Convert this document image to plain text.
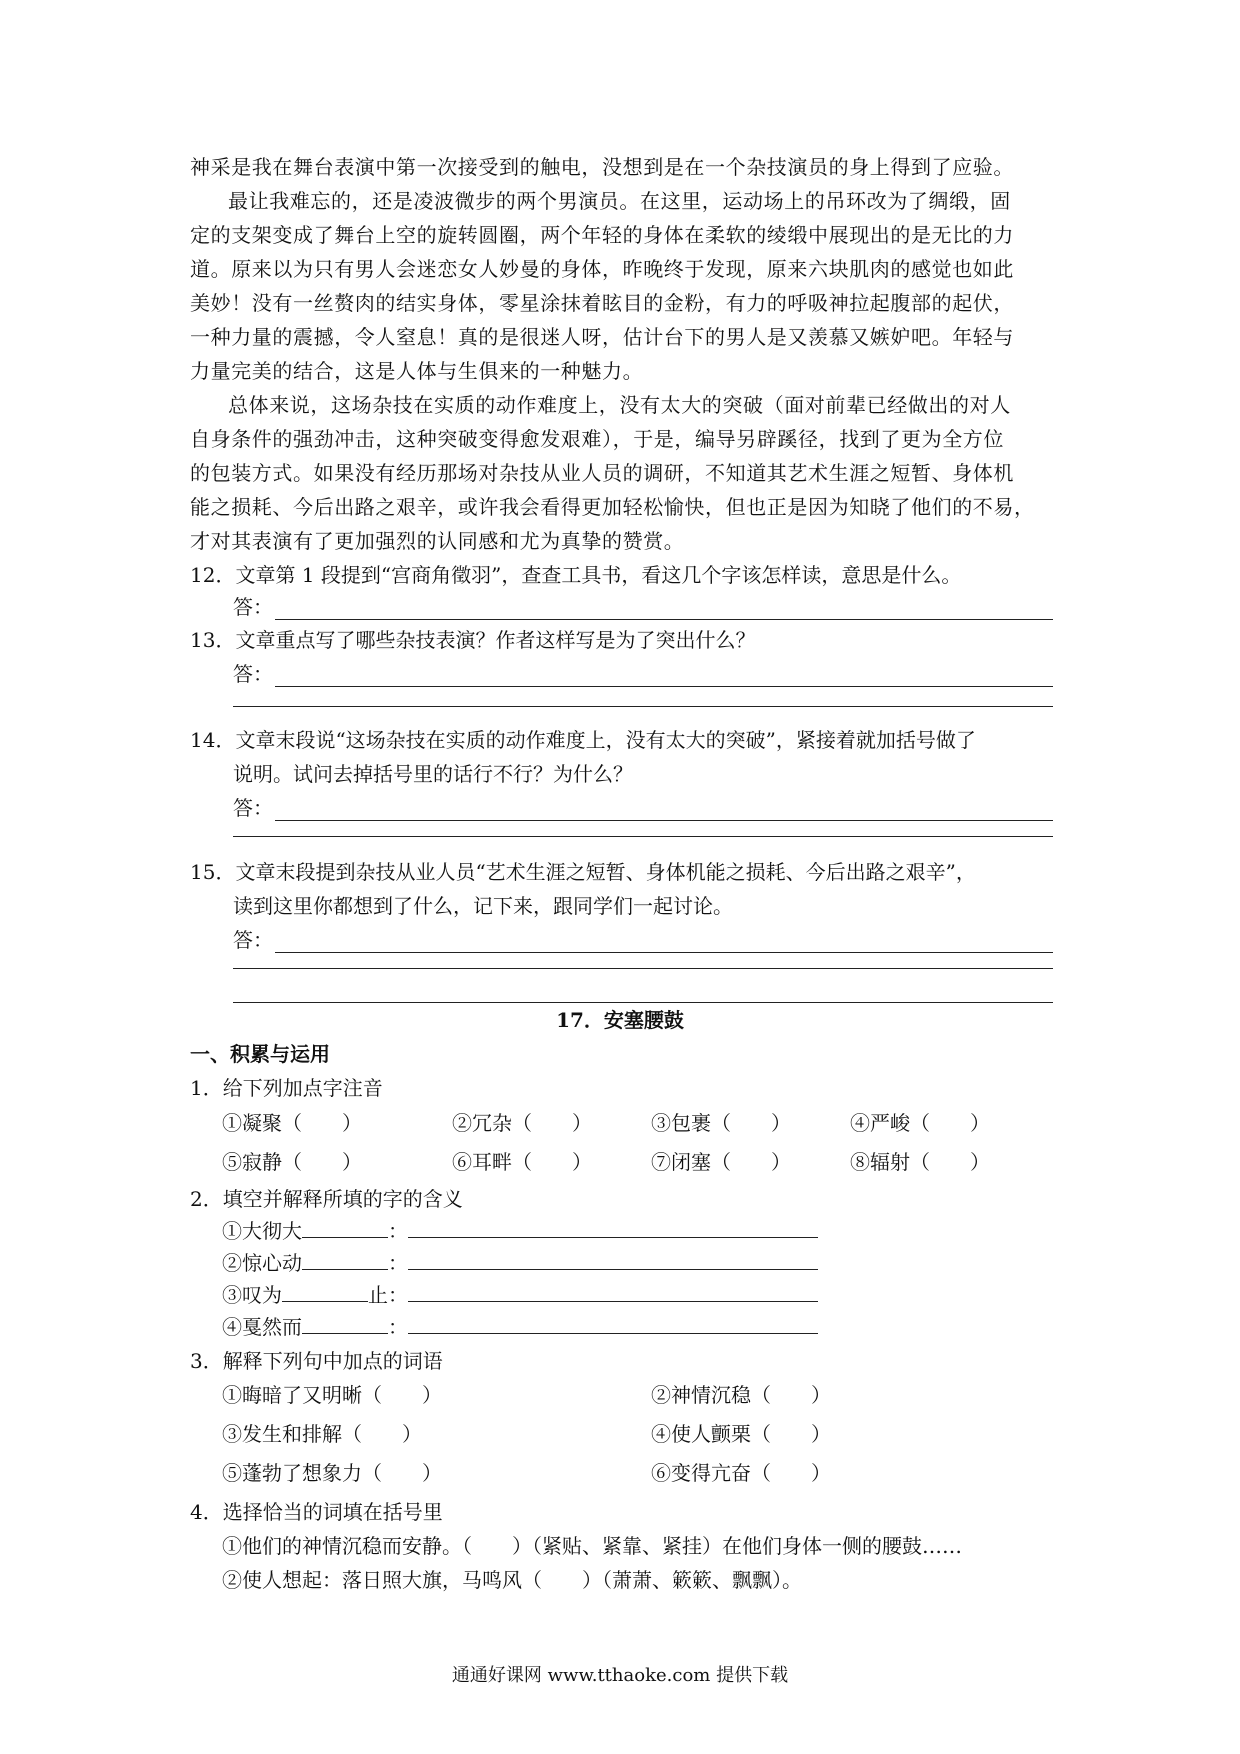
神采是我在舞台表演中第一次接受到的触电，没想到是在一个杂技演员的身上得到了应验。
最让我难忘的，还是凌波微步的两个男演员。在这里，运动场上的吊环改为了绸缎，固
定的支架变成了舞台上空的旋转圆圈，两个年轻的身体在柔软的绫缎中展现出的是无比的力
道。原来以为只有男人会迷恋女人妙曼的身体，昨晚终于发现，原来六块肌肉的感觉也如此
美妙！没有一丝赘肉的结实身体，零星涂抹着眩目的金粉，有力的呼吸神拉起腹部的起伏，
一种力量的震撼，令人窒息！真的是很迷人呀，估计台下的男人是又羡慕又嫉妒吧。年轻与
力量完美的结合，这是人体与生俱来的一种魅力。
总体来说，这场杂技在实质的动作难度上，没有太大的突破（面对前辈已经做出的对人
自身条件的强劲冲击，这种突破变得愈发艰难），于是，编导另辟蹊径，找到了更为全方位
的包装方式。如果没有经历那场对杂技从业人员的调研，不知道其艺术生涯之短暂、身体机
能之损耗、今后出路之艰辛，或许我会看得更加轻松愉快，但也正是因为知晓了他们的不易，
才对其表演有了更加强烈的认同感和尤为真挚的赞赏。
12．文章第 1 段提到“宫商角徵羽”，查查工具书，看这几个字该怎样读，意思是什么。
答：
13．文章重点写了哪些杂技表演？作者这样写是为了突出什么？
答：
14．文章末段说“这场杂技在实质的动作难度上，没有太大的突破”，紧接着就加括号做了
说明。试问去掉括号里的话行不行？为什么？
答：
15．文章末段提到杂技从业人员“艺术生涯之短暂、身体机能之损耗、今后出路之艰辛”，
读到这里你都想到了什么，记下来，跟同学们一起讨论。
答：
17．安塞腰鼓
一、积累与运用
1．给下列加点字注音
①凝聚（　　）	②冗杂（　　）	③包裹（　　）	④严峻（　　）
⑤寂静（　　）	⑥耳畔（　　）	⑦闭塞（　　）	⑧辐射（　　）
2．填空并解释所填的字的含义
①大彻大	：
②惊心动	：
③叹为	止：
④戛然而	：
3．解释下列句中加点的词语
①晦暗了又明晰（　　）	②神情沉稳（　　）
③发生和排解（　　）	④使人颤栗（　　）
⑤蓬勃了想象力（　　）	⑥变得亢奋（　　）
4．选择恰当的词填在括号里
①他们的神情沉稳而安静。（　　）（紧贴、紧靠、紧挂）在他们身体一侧的腰鼓……
②使人想起：落日照大旗，马鸣风（　　）（萧萧、簌簌、飘飘）。
通通好课网 www.tthaoke.com 提供下载
